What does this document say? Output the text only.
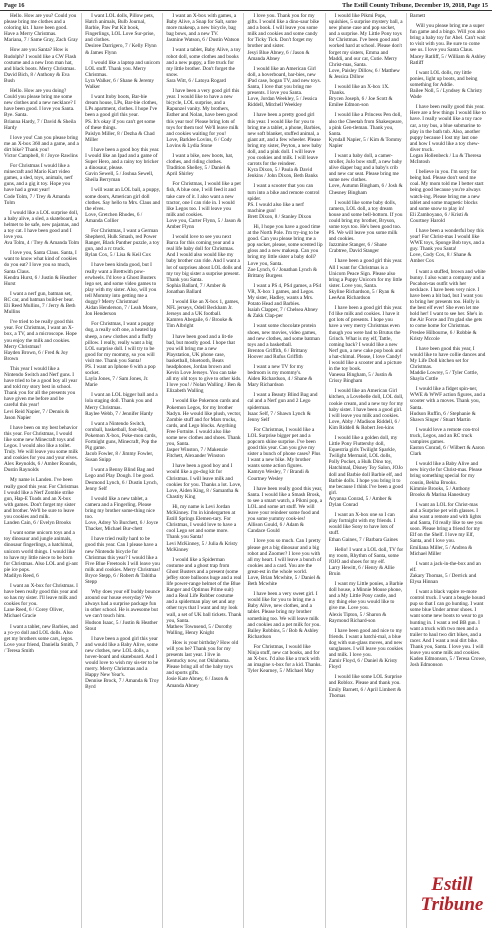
Page 16	The Estill County Tribune, December 19, 2018, Page 15

Hello. How are you? Could you please bring me clothes and a coloring kit. I have been good. Have a Merry Christmas.

Mariana, 7 / Same Gray, Zach Gray

How are you Santa? How is Rudolph? I would like a CW Flash costume and a new Iron man hat, and black boots. Merry Christmas.

David Bich, 8 / Anthony & Eva Bush

Hello. How are you doing? Could you please bring me some new clothes and a new necklace? I have been good. I love you Santa. Bye. Santa.

Brianna Hardy, 7 / David & Sheila Hardy

I love you! Can you please bring me an X-box 360 and a game, and a dirt bike? Thank you!

Victor Campbell, 8 / Joyce Rawlins

For Christmas I would like a minecraft and Mario Kart video games, a sled, toys, animals, nerf guns, and a gig it toy. Hope you have had a great year!

Code Tolm, 7 / Trey & Amanda Tolm

I would like a LOL surprise doll, a baby alive, a sled, a skateboard, a helmet to be safe, new pajamas, and a toy cat. I have been good and I love you.

Ava Tolm, 4 / Trey & Amanda Tolm

I love you, Santa Claus. Santa, I want to know what kind of cookies do you eat? I love you so much, Santa Claus.

Kendra Hurst, 6 / Justin & Heather Hurst

I want a nerf gun, batman set, RC car, and batman build-er bear.

Eli Reed Mullins, 7 / Jerry & Beth Mullins

I've tried to be really good this year. For Christmas, I want an X-box, a TV, and a microscope. Hope you enjoy the milk and cookies. Merry Christmas!

Hayden Brown, 6 / Fred & Joy Brown

This year I would like a Nintendo Switch and Nerf guns. I have tried to be a good boy all year and told my story best in school. Thank you for all the presents you have given me before and be careful this year!

Levi Reid Napier, 7 / Dennis & Jason Napier

I have been on my best behavior this year. For Christmas, I would like some new Minecraft toys and Legos. I would also like a toilet. Truly. We will leave you some milk and cookies for you and your elves.

Alex Reynolds, 6 / Amber Rounds, Dustin Raynolds

My name is Landen. I've been really good this year. For Christmas I would like a Nerf Zombie strike gun, Hap-E Toads and an X-box with games. Don't forget my sister and brother. We'll be sure to leave you cookies and milk.

Landen Cain, 6 / Evelyn Brooks

I want some unicorn toys and a toy dinosaur and jungle animals, dinosaur fingerlings, a hatchimal, unicorn world things. I would like to have my little niece to be born for Christmas. Also LOL and gi-ant pie ice pops.

Madilyn Reed, 6

I want an X-box for Christmas. I have been really good this year and so has my sister. I'll leave milk and cookies for you.

Lane Reed, 6 / Corey Oliver, Michael Gracie

I want a tablet, new Barbies, and a yo-yo doll and LOL dolls. Also get my brothers some cars, legos.

Love your friend, Daniella Smith, 7 / Teresa Smith

I want LOL dolls, Pillow pets, Hatch animals, Bulb Journal, Barbie, Paw Pat Kit book, Fingerlings, LOL Love Sur-prise, and clothes.

Desiree Darrigero, 7 / Kelly Flynn & James Flynn

I would like a laptop and unicorn LOL stuff. Thank you. Merry Christmas.

Lyra Walker, 6 / Shane & Jeremy Walker

I want Itoby boots, Bar-bie dream house, LPs, Bar-bie clothes, LPs apartment, clothes. I hope I've been a good girl this year.

PS. It's okay if you can't get some of these things.
Paislyn Miller, 8 / Dezha & Chad Miller

I have been a good boy this year. I would like an Ipad and a game of Super Hero, and a rainy toy bricker a dinosaur, please.

Gavin Sewell, 5 / Joshua Sewell, Sheila Berryman

I will want an LOL ball, a puppy, some doors, American girl doll clothes. Say hello to Mrs. Claus and the elves.

Love, Gretchen Rhodes, 6 / Amanda Collier

For Christmas, I want a German Shepherd, Hulk Smash, red Power Ranger, Black Panther puzzle, a toy gun, and a rc truck.

Rylan Cox, 5 / Lisa & Keil Cox

I have been kinda good, but I really want a Brettwith pow-erwheels. I'd love a Ghost Busters lego set, and some video games to play with my sister. Also, will you tell Mommy into getting me a doggy? Merry Christmas!

Aidan Henderson, 7 / Leah Moore, Jon Henderson

For Christmas, I want a puppy dog, a really soft one, a heated lap sheep, a new clothes and a fluffy pillow. I really, really want a big LOL surprise doll. I will try to be good for my mommy, so you will visit me. Thank you Santa!

PS. I want an Iphone 6 with a pop socket.
Layla Jones, 7 / Sam Jones, Jr. Marie

I want an LOL bigger ball and a lola staging doll. Thank you and Merry Christmas.

Raylee Webb, 7 / Jennifer Hardy

I want a Nintendo Switch, cornball, basketball, foot-ball, Pokemon X-box, Poke-mon cards, Fortnight guns, Minecraft, Pop the Pig game.

Jacob Fowler, 8 / Jimmy Fowler, Susan Snipp

I want a Benny Blind Bag and Lego and Play Dough. I be good.

Desmond Lynch, 6 / Dustin Lynch, Jenny Self

I would like a new tablet, a camera and a Fingerling. Please bring my brother some-thing nice too.

Love, Adrey Yo Burchett, 6 / Joyce Thacker, Michael Bur-chett

I have tried really hard to be good this year. Can I please have a new Nintendo bicycle for Christmas this year? I would like a Five Blue Freetools I will leave you milk and cookies. Merry Christmas!

Bryce Stepp, 6 / Robert & Tabitha Stepp

Why does your elf buddy bounce around our house everyday? We always had a surprise package fun in other school. He is awesome but we can't touch him.

Hudson Isaac, 5 / Justin & Heather Stout

I have been a good girl this year and would like a Baby Alive, some new clothes, new LOL dolls, a hover-board and skateboard. And I would love to wish my sis-ter to be merry. Merry Christmas and a Happy New Year's.

Dennise Brock, 7 / Amanda & Troy Byrd

I want an X-box with games, a Baby Alive, a Snap for Salt, some more makeup, a new bicycle, bag bag bows, and a new TV.

Jasmine Watson, 6 / Dustin Watson

I want a tablet, Baby Alive, a toy robot doll, some clothes and books and a new puppy, a fire truck for my little brother. Don't forget the snow.

Sara Witt, 6 / Latoya Rogard

I have been a very good girl this year. I would like to have a new bicycle, LOL surprise, and a Rapunzel vanity. My brothers, Esther and Nolan, have been good this year too! Please bring lots of toys for them too! We'll leave milk and cookies waiting for you!

Love, Barklee Lovins, 6 / Cody Lovins & Lydia Stone

I want a bike, new boots, hat, clothes, and riding clothes.

Tradition Shelley, 5 / Daniel & April Shirley

For Christmas, I would like a pet fish, A blue one, I will feed it and take care of it. I also want a new tractor, one I can ride in. I would like Legos too. I will leave you milk and cookies.

Love you, Carter Flynn, 5 / Jason & Amber Flynn

I would love to see you next Barca for this coming year and a real life baby doll for Christmas. And I would also would like my baby brother can ride. And I want a lot of surprises about LOL dolls and my toy big sister a surprise present. Thank you Santa.

Sophia Ballard, 7 / Amber & Jonathan Ballard

I would like an X-box 1, games, NFL jerseys, Odell Beckham Jr. Jerseys and a UK football.

Kamren Abegaile, 6 / Brooke & Tim Albright

I have been good and a lit-tle bad, but mostly good. I hope that you will bring me a new Playstation, UK phone case, basketball, bluetooth, Beats headphones, Jordan brown and Kevin Love Jerseys. You can take all my old toys to give to other kids.

I love you! / Nolan Walling / Ben & Elizabeth Walling

I would like Pokemon cards and Pokemon Legos, for my brother Nadyn. He would like plush, vector, Zombie stuff and for Mars trucks, cards, and Lego blocks. Anything Free Fortnite. I would also like some new clothes and shoes. Thank you, Santa.

Jasper Winston, 7 / Makenzie Fitchett, Alexander Winston

I have been a good boy and I would like a go-dog kit for Christmas. I will leave milk and cookies for you. Thanks a lot. Love,

Love, Aiden King, 8 / Samantha & Chastity King

Hi, my name is Levi Jordan McKinney. I'm in kindergarten at Estill Springs Elemen-tary. For Christmas, I would love to have a cool Lego set and some more. Thank you Santa!

Levi McKinney, 5 / Julia & Kristy McKinney

I would like a Spiderman costume and a ghost trap from Ghost Busters and a present (some jeffey store balloons huge and a real life power-range helmet of the Blue Ranger and Optimus Prime suit) and a Real Life Rubber costume and a spiderman play set and any other toys that I want and my look wall, a set of UK ball tickets. Thank you, Santa.

Mathew Townsend, 5 / Dorothy Walling, Henry Knight

How is your birthday? How old will you be? Thank you for my presents last year. I live in Kentucky now, not Oklahoma. Please bring all of the baby toys and sports gifts.

Josie Kate Abney, 6 / Jason & Amanda Abney

I love you. Thank you for my gifts. I would like a dino-saur bike and a book. I will leave you some milk and cookies and some candy for Ticky Tick. Don't forget my brother and sister.

Jesyi Blue Abney, 6 / Jason & Amanda Abney

I would like an American Girl doll, a hoverboard, bar-bies, new iPad case, bogan TV, and new toys. Santa, I love that you bring me presents. I love you Santa.

Love, Jordan Weekley, 5 / Jessica Riddell, Mitchell Weekley

I have been a pretty good girl this year. I would like for you to bring me a tablet, a phone, Barbies, new soft blanket, stuffed animal, a giant art, and a few wheeler. Please bring my sister, Peyton, a new baby doll, and a pink doll. I will leave you cookies and milk. I will leave carrots for the reindeer.

Kyra Dixon, 5 / Paula & David Jenkins / John Dixon, Beth Banks

I want a scooter that you can turn into a bike and remote control spider.

PS. I would also like a nerf machine gun!
Brett Dixon, 8 / Stanley Dixon

Hi, I hope you have a good time at the North Pole. I'm try-ing to be good. Can you please bring me a pop socket, please, some scented lip gloss and a new makeup. Can you bring my little sister a baby doll? Love you, Santa.

Zoe Lynch, 6 / Jonathan Lynch & Brittany Burgess

I want a PS 4, PS4 games, a PS4 VR, X-box 1 games, and Legos. My sister, Hadley, wants a Mrs. Potato Head and Barbies.

Isaiah Clapper, 7 / Chelsea Abney & Zakk Clap-per

I want some chocolate protein shoes, new movies, video games, and new clothes, and some batman toys and a basketball.

Brenton Griffith, 6 / Brittany Hoover and Rufus Griffith

I want a new TV for my bedroom is my mommy's.

Aiden Richardson, 4 / Shane & Mary Richardson

I want a Beauty Blind Bag and cal and a Nerf gun and 2 Lego spiderman.

Isaac Self, 7 / Shawn Lynch & Jenny Self

For Christmas, I would like a LOL Surprise bigger pet and a popcorn shine surprise. I've been good this year. Can you give my sister a bunch of phone cases? Plus I want a new bike. My brother wants some action figures.

Kamryn Wesley, 7 / Brandi & Courtney Wesley

I have been really good this year, Santa. I would like a Smash Brosk, to see a smart watch, a Pikmi pop, a LOL and some art stuff. We will leave your reindeer some food and you some yummy cook-ies!

Allison Gould, 6 / Adam & Candace Gould

I love you so much. Can I pretty please get a big dinosaur and a big robot and Zoomer? I love you with all my heart. I will leave a bunch of cookies and a card. You are the great-est in the whole world.

Love, Brian Mcwhite, 5 / Daniel & Beth Mcwhite

I have been a very sweet girl. I would like for you to bring me a Baby Alive, new clothes, and a tablet. Please bring my brother something too. We will leave milk and cookies and a pet milk for you.

Bailey Robbins, 5 / Bob & Ashley Richardson

For Christmas, I would like Ninja stuff, new cat books, and for an X-box. I'd also like a truck with an imagine x-box for a kid. Thanks.

Tyler Kearney, 5 / Michael May

I would like Pikmi Pops, squishies, 5 surprise mystery ball, a new phone case and pop socket, and a surprise. My Little Pony toys for Christmas. I've been good and worked hard at school. Please don't forget my sisters, Emma and Maddi, and our cat, Cutie. Merry Christ-mas, Santa.

Love, Paisley Dillow, 6 / Matthew & Jessica Dillow

I would like an X-box 1X. Thanks.

Brycen Joseph, 6 / Joe Scott & Emilee Edmon-son

I would like a Princess Pen doll, also the Cheetah from Shakespeare, a pink Gen-tleman. Thank you, Santa.

Kyndall Napier, 5 / Kim & Tommy Napier

I want a baby doll, a camer-stroller, JoJo bow stuff, a new baby alive diaper bag and a baby's crib and new car seat. Please bring me some new clothes.

Love, Autumn Bingham, 6 / Josh & Chesney Bingham

I would like some baby dolls, camera, LOL doll, a toy dream house and some bell-bottom. If you could bring my brother, Bryson, some toys too. He's been good too.

PS. We will leave you some milk and cookies.
Jazzmine Stanger, 6 / Shane Crabtree, David Stanger

I have been a good girl this year. All I want for Christmas is a Unicorn Peace Sign. Please also bring a Puppy Unicorn for my little sister. Love you, Santa.

Skyline Richardson, 5 / Ryan & LeeAnn Richardson

I have been a good girl this year. I'd like milk and cookies. I have it got lots of presents. I hope you have a very merry Christmas even though you were bad to Brutus the Grinch. What is my elf, Tattle, coming back? I would like a new Nerf gun, a new cake pop book and a hat-chimal. Please, I love Candy! I would like a scooter and a picture in the toy book.

Vanessa Bingham, 5 / Justin & Crissy Bingham

I would like an American Girl kitchen, a Lovebelle doll, LOL doll, cookie cream, and a new toy for my baby sister. I have been a good girl. I will leave you milk and cookies.

Love, Abby / Madison Riddell, 6 / Kim Riddell & Robert Jen-kins

I would like a golden doll, my Little Pony Fluttershy doll, Equestria girls Twilight Sparkle, Twilight Mermaid, LOL dolls, Polly Pocket, a Hulk Dino toy, Hatchimal, Disney Toy Salon, JOJo doll and Barbie doll Barbie elf, and Barbie dolls. I hope you bring it to me because I think I've been a good girl.

Aryanna Conrad, 5 / Amber & Dylan Conrad

I want an X-box one so I can play fortnight with my friends. I would like Sony to have lots of stuff.

Ethan Gaines, 7 / Barbara Gaines

Hello! I want a LOL doll, TV for my room, Rhythm of Santa, some JOJO and shoes for my elf.

Larry Hewitt, 6 / Henry & Allie Bruin

I want my Little ponies, a Barbie doll house, a Minnie Mouse phone, and a My Little Pony castle, and my thing else you would like to give me. Love you.

Alexis Tipton, 5 / Sharon & Raymond Richard-son

I have been good and nice to my friends. I want a hatchi-mal, a blue dog with sun-glass moves, and new sunglasses. I will leave you cookies and milk. I love you.

Zamir Floyd, 6 / Daniel & Kristy Floyd

I would like some LOL Surprise and Roblox. Please and thank you.

Emily Barnett, 6 / April Limbert & Thomas
Barnett

Will you please bring me a super fun game and a bingo. Will you also bring a baby toy for Abel. Can't wait to visit with you. Be sure to come see us. I love you Santa Claus.

Macey Ratliff, 5 / William & Ashley Ratliff

I want LOL dolls, my little ponies, light up boots, and being something for Addie.

Bailee Noll, 5 / Lyndsey & Christy Wade

I have been really good this year. Here are a few things I would like to have. I really would like a toy race car, a toy bus, a blue submarine to play in the bath tub. Also, another puppy because I lost my last one and how I would like a toy chew-diver truck.

Logan Hollenbeck / Lu & Theresa McIntosh

I believe in you. I'm sorry for being bad. Please don't send me coal. My mom told me I better start being good because you're always watch-ing. Please bring me a new tablet and some magnetic blocks and some snow to play in!

Eli Zamboyano, 6 / Kristi & Courtney Harold

I have been a wonderful boy this year! For Christ-mas I would like WWE toys, Sponge Bob toys, and a guy. Thank you Santa!

Love, Cody Cox, 8 / Shane & Amber Cox

I want a stuffed, brown and white bunny. I also want a company and a Pocahon-tas outfit with her necklace. I have been very nice. I have been a bit bad, but I want you to bring her presents too. Holly is the best elf ever! She even let me hold her! I want to see her. She's in the Air Force and I'm glad she gets to come home for Christmas.

Preslee Hilbourne, 6 / Robbie & Kristy Mccole

I have been good this year, I would like to have collie dances and My Life Doll kitchen set for Christmas.

Maddie Lowrey, 5 / Tyler Cottle, Shayla Cottle

I would like a fidget spin-ner, WWE & WWF action figures, and a scooter with a moves. Thank you, Santa.

Hudson Ruffin, 6 / Stephanie & Shawn Singer / Stuart Martin

I would love a remote con-trol truck, Legos, and an RC truck vampires games.

Easton Conrad, 6 / Wilbert & Aaron Clark

I would like a Baby Alive and new bicycle for Christ-mas. Please bring something special for my cousin, Bekha Brooks.

Kimmie Brooks, 5 / Anthony Brooks & Marina Hanesbury

I want an LOL for Christ-mas and a Surprise pet with glasses. I also want a remote and with lights and Santa, I'd really like to see you soon. Please bring a friend for my Elf on the Shelf. I love my Elf, Santa, and I love you.

Emiliana Miller, 5 / Andrea & Michael Miller

I want a jack-in-the-box and an elf.

Zakary Thomas, 5 / Derrick and Elysa Hinnan

I want a black vapire re-mote control truck. I want a beagle hound pup so that I can go hunting. I want some blue Under armor shoes. I want some new boots to wear to go hunting in. I want a red BB gun. I want a truck with two men and a trailer to haul two dirt bikes, and a racer. And I want a real dirt bike.

Thank you, Santa. I love you. I will leave you some milk and cookies.
Kaden Edmonson, 5 / Teresa Crowe, Josh Edmonson
Estill
Tribune
